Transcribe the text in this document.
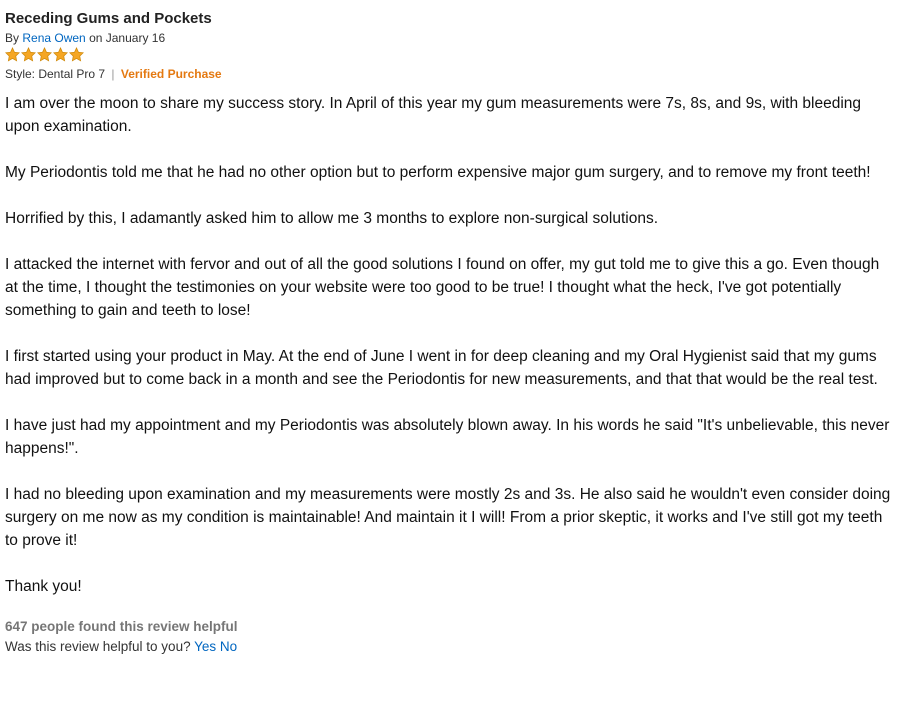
Receding Gums and Pockets
By Rena Owen on January 16
Style: Dental Pro 7 | Verified Purchase

I am over the moon to share my success story. In April of this year my gum measurements were 7s, 8s, and 9s, with bleeding upon examination.

My Periodontis told me that he had no other option but to perform expensive major gum surgery, and to remove my front teeth!

Horrified by this, I adamantly asked him to allow me 3 months to explore non-surgical solutions.

I attacked the internet with fervor and out of all the good solutions I found on offer, my gut told me to give this a go. Even though at the time, I thought the testimonies on your website were too good to be true! I thought what the heck, I've got potentially something to gain and teeth to lose!

I first started using your product in May. At the end of June I went in for deep cleaning and my Oral Hygienist said that my gums had improved but to come back in a month and see the Periodontis for new measurements, and that that would be the real test.

I have just had my appointment and my Periodontis was absolutely blown away. In his words he said "It's unbelievable, this never happens!".

I had no bleeding upon examination and my measurements were mostly 2s and 3s. He also said he wouldn't even consider doing surgery on me now as my condition is maintainable! And maintain it I will! From a prior skeptic, it works and I've still got my teeth to prove it!

Thank you!

647 people found this review helpful
Was this review helpful to you? Yes No
